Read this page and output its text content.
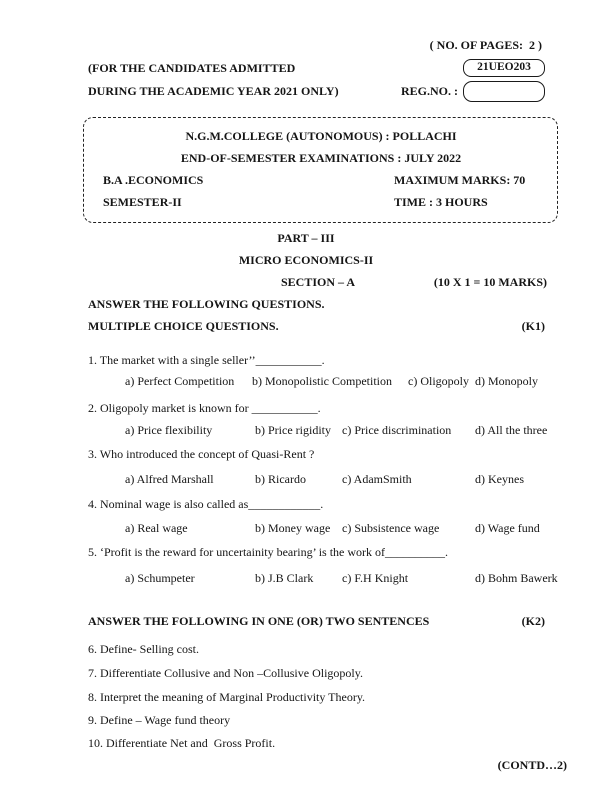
( NO. OF PAGES:  2 )
(FOR THE CANDIDATES ADMITTED	21UEO203
DURING THE ACADEMIC YEAR 2021 ONLY)	REG.NO. :
N.G.M.COLLEGE (AUTONOMOUS) : POLLACHI
END-OF-SEMESTER EXAMINATIONS : JULY 2022
B.A .ECONOMICS	MAXIMUM MARKS: 70
SEMESTER-II	TIME : 3 HOURS
PART – III
MICRO ECONOMICS-II
SECTION – A	(10 X 1 = 10 MARKS)
ANSWER THE FOLLOWING QUESTIONS.
MULTIPLE CHOICE QUESTIONS.	(K1)
1. The market with a single seller’’___________.
a) Perfect Competition	b) Monopolistic Competition	c) Oligopoly d) Monopoly
2. Oligopoly market is known for ___________.
a) Price flexibility	b) Price rigidity c) Price discrimination	d) All the three
3. Who introduced the concept of Quasi-Rent ?
a) Alfred Marshall	b) Ricardo	c) AdamSmith	d) Keynes
4. Nominal wage is also called as____________.
a) Real wage	b) Money wage c) Subsistence wage	d) Wage fund
5. ‘Profit is the reward for uncertainity bearing’ is the work of__________.
a) Schumpeter	b) J.B Clark	c) F.H Knight	d) Bohm Bawerk
ANSWER THE FOLLOWING IN ONE (OR) TWO SENTENCES	(K2)
6. Define- Selling cost.
7. Differentiate Collusive and Non –Collusive Oligopoly.
8. Interpret the meaning of Marginal Productivity Theory.
9. Define – Wage fund theory
10. Differentiate Net and  Gross Profit.
(CONTD…2)
